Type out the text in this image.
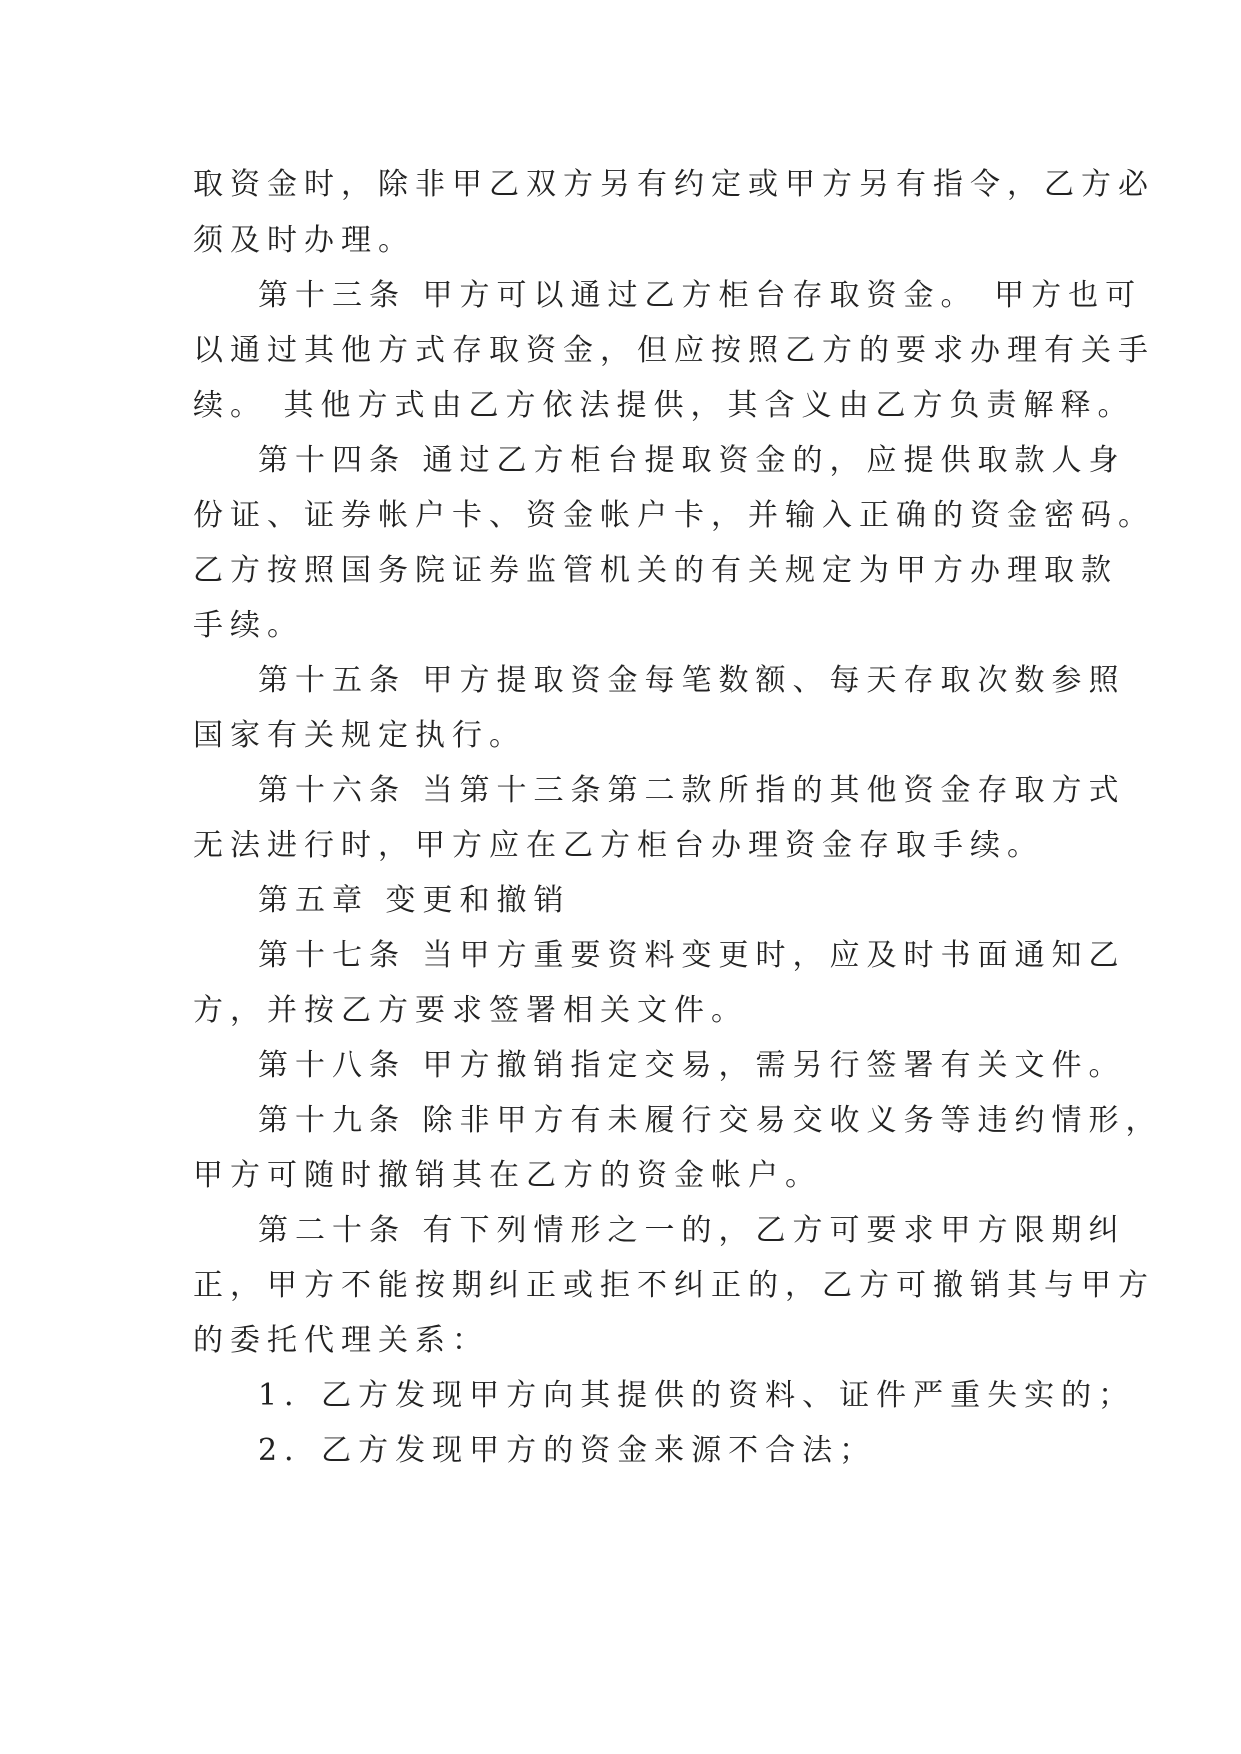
取资金时，除非甲乙双方另有约定或甲方另有指令，乙方必
须及时办理。
第十三条 甲方可以通过乙方柜台存取资金。 甲方也可
以通过其他方式存取资金，但应按照乙方的要求办理有关手
续。 其他方式由乙方依法提供，其含义由乙方负责解释。
第十四条 通过乙方柜台提取资金的，应提供取款人身
份证、证券帐户卡、资金帐户卡，并输入正确的资金密码。
乙方按照国务院证券监管机关的有关规定为甲方办理取款
手续。
第十五条 甲方提取资金每笔数额、每天存取次数参照
国家有关规定执行。
第十六条 当第十三条第二款所指的其他资金存取方式
无法进行时，甲方应在乙方柜台办理资金存取手续。
第五章 变更和撤销
第十七条 当甲方重要资料变更时，应及时书面通知乙
方，并按乙方要求签署相关文件。
第十八条 甲方撤销指定交易，需另行签署有关文件。
第十九条 除非甲方有未履行交易交收义务等违约情形，
甲方可随时撤销其在乙方的资金帐户。
第二十条 有下列情形之一的，乙方可要求甲方限期纠
正，甲方不能按期纠正或拒不纠正的，乙方可撤销其与甲方
的委托代理关系：
1．乙方发现甲方向其提供的资料、证件严重失实的；
2．乙方发现甲方的资金来源不合法；
